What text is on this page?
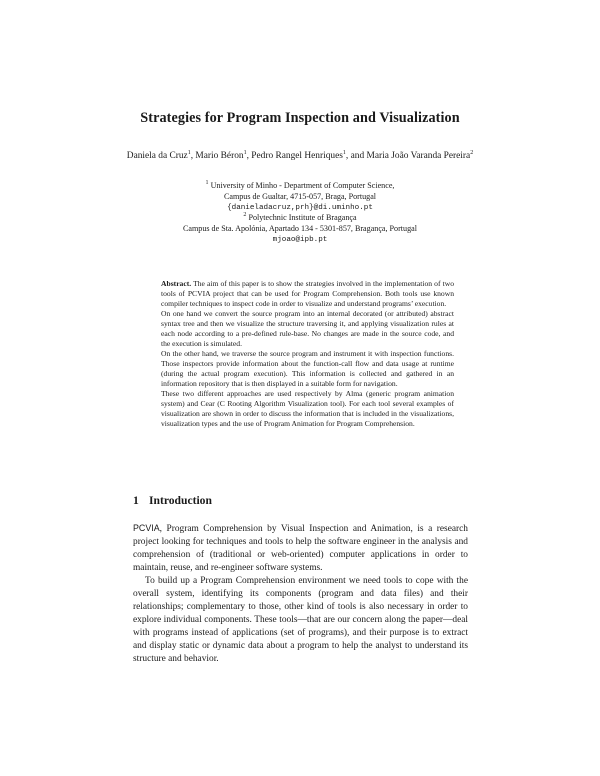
Strategies for Program Inspection and Visualization
Daniela da Cruz$^1$, Mario Béron$^1$, Pedro Rangel Henriques$^1$, and Maria João Varanda Pereira$^2$
$^1$ University of Minho - Department of Computer Science,
Campus de Gualtar, 4715-057, Braga, Portugal
{danieladacruz,prh}@di.uminho.pt
$^2$ Polytechnic Institute of Bragança
Campus de Sta. Apolónia, Apartado 134 - 5301-857, Bragança, Portugal
mjoao@ipb.pt

Abstract. The aim of this paper is to show the strategies involved in the implementation of two tools of PCVIA project that can be used for Program Comprehension. Both tools use known compiler techniques to inspect code in order to visualize and understand programs’ execution.

On one hand we convert the source program into an internal decorated (or attributed) abstract syntax tree and then we visualize the structure traversing it, and applying visualization rules at each node according to a pre-defined rule-base. No changes are made in the source code, and the execution is simulated.

On the other hand, we traverse the source program and instrument it with inspection functions. Those inspectors provide information about the function-call flow and data usage at runtime (during the actual program execution). This information is collected and gathered in an information repository that is then displayed in a suitable form for navigation.

These two different approaches are used respectively by Alma (generic program animation system) and Cear (C Rooting Algorithm Visualization tool). For each tool several examples of visualization are shown in order to discuss the information that is included in the visualizations, visualization types and the use of Program Animation for Program Comprehension.

1 Introduction

PCVIA, Program Comprehension by Visual Inspection and Animation, is a research project looking for techniques and tools to help the software engineer in the analysis and comprehension of (traditional or web-oriented) computer applications in order to maintain, reuse, and re-engineer software systems.

To build up a Program Comprehension environment we need tools to cope with the overall system, identifying its components (program and data files) and their relationships; complementary to those, other kind of tools is also necessary in order to explore individual components. These tools—that are our concern along the paper—deal with programs instead of applications (set of programs), and their purpose is to extract and display static or dynamic data about a program to help the analyst to understand its structure and behavior.
